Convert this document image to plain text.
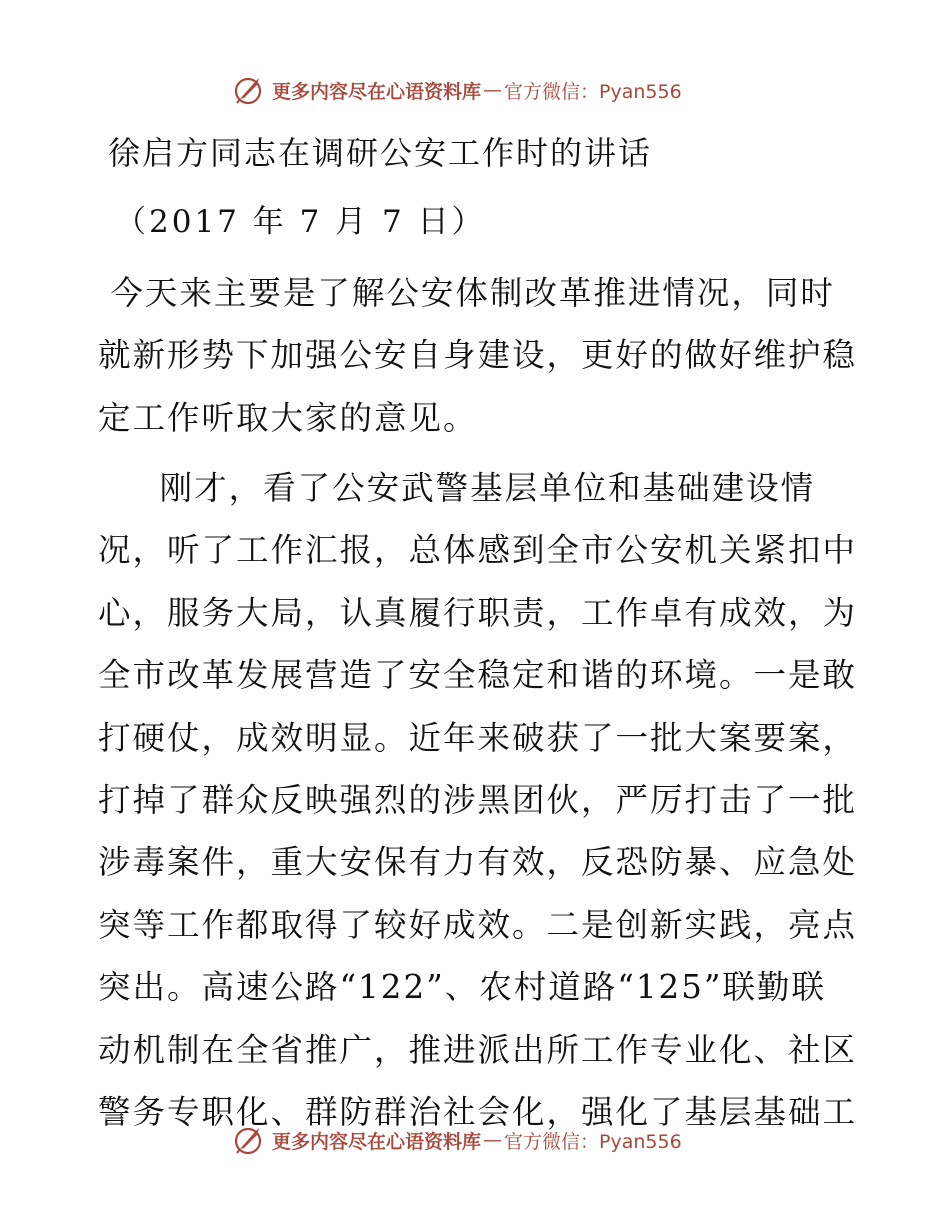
更多内容尽在心语资料库 — 官方微信：Pyan556
徐启方同志在调研公安工作时的讲话
（2017 年 7 月 7 日）
今天来主要是了解公安体制改革推进情况，同时
就新形势下加强公安自身建设，更好的做好维护稳
定工作听取大家的意见。
刚才，看了公安武警基层单位和基础建设情
况，听了工作汇报，总体感到全市公安机关紧扣中
心，服务大局，认真履行职责，工作卓有成效，为
全市改革发展营造了安全稳定和谐的环境。一是敢
打硬仗，成效明显。近年来破获了一批大案要案，
打掉了群众反映强烈的涉黑团伙，严厉打击了一批
涉毒案件，重大安保有力有效，反恐防暴、应急处
突等工作都取得了较好成效。二是创新实践，亮点
突出。高速公路“122”、农村道路“125”联勤联
动机制在全省推广，推进派出所工作专业化、社区
警务专职化、群防群治社会化，强化了基层基础工
更多内容尽在心语资料库 — 官方微信：Pyan556
